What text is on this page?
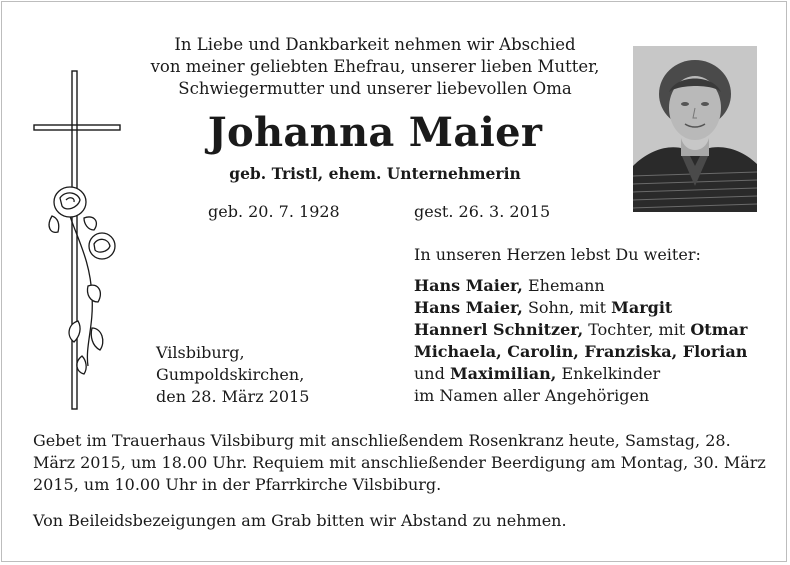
In Liebe und Dankbarkeit nehmen wir Abschied
von meiner geliebten Ehefrau, unserer lieben Mutter,
Schwiegermutter und unserer liebevollen Oma
Johanna Maier
geb. Tristl, ehem. Unternehmerin
geb. 20. 7. 1928	gest. 26. 3. 2015
Vilsbiburg,
Gumpoldskirchen,
den 28. März 2015
In unseren Herzen lebst Du weiter:
Hans Maier, Ehemann
Hans Maier, Sohn, mit Margit
Hannerl Schnitzer, Tochter, mit Otmar
Michaela, Carolin, Franziska, Florian
und Maximilian, Enkelkinder
im Namen aller Angehörigen
Gebet im Trauerhaus Vilsbiburg mit anschließendem Rosenkranz heute, Samstag, 28. März 2015, um 18.00 Uhr. Requiem mit anschließender Beerdigung am Montag, 30. März 2015, um 10.00 Uhr in der Pfarrkirche Vilsbiburg.
Von Beileidsbezeigungen am Grab bitten wir Abstand zu nehmen.
